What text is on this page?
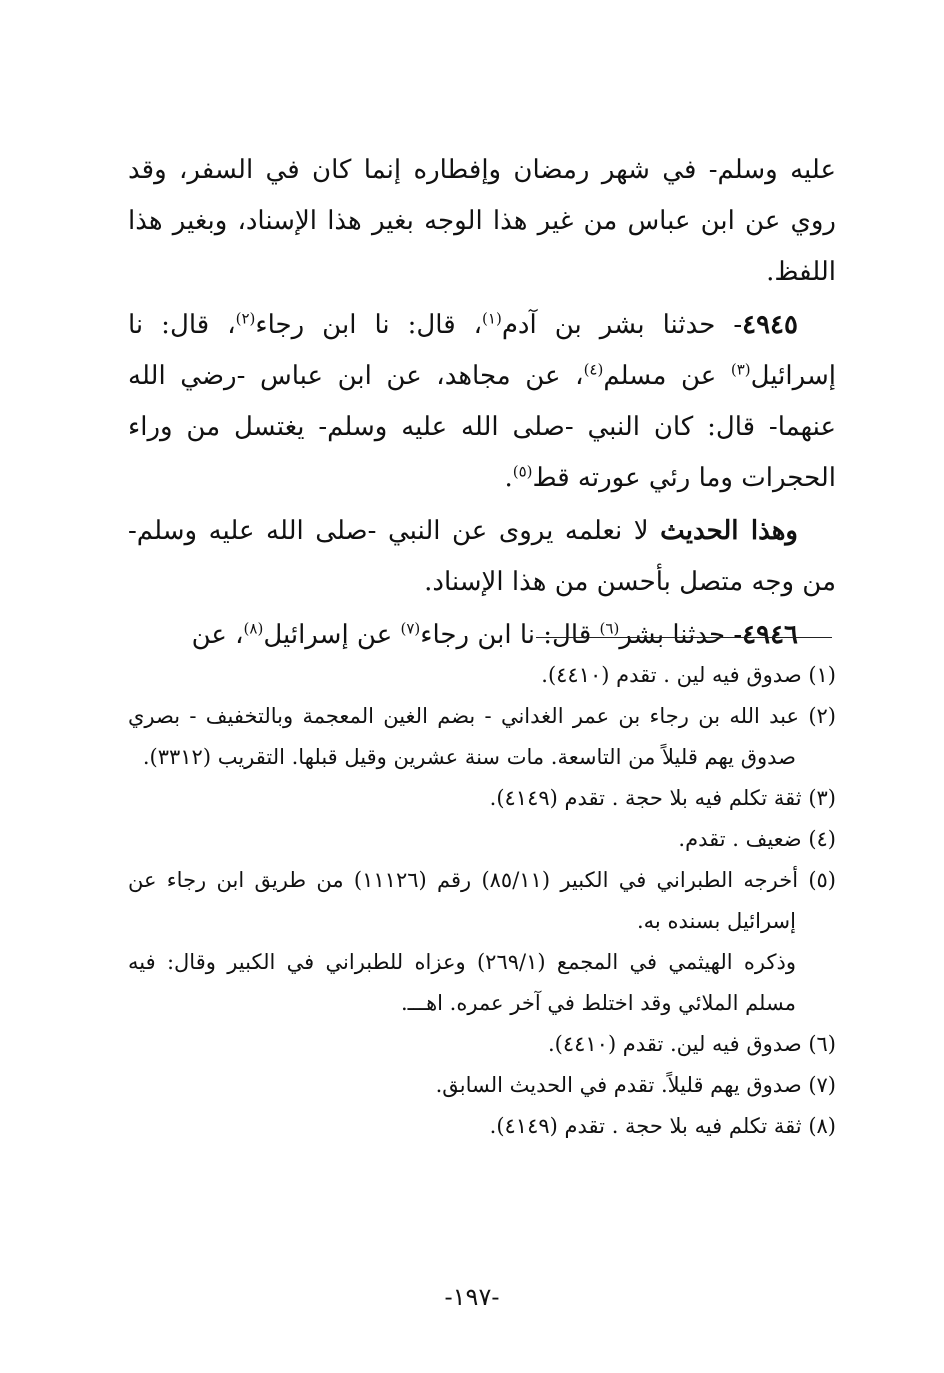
عليه وسلم- في شهر رمضان وإفطاره إنما كان في السفر، وقد روي عن ابن عباس من غير هذا الوجه بغير هذا الإسناد، وبغير هذا اللفظ.

٤٩٤٥- حدثنا بشر بن آدم$^{(١)}$، قال: نا ابن رجاء$^{(٢)}$، قال: نا إسرائيل$^{(٣)}$ عن مسلم$^{(٤)}$، عن مجاهد، عن ابن عباس -رضي الله عنهما- قال: كان النبي -صلى الله عليه وسلم- يغتسل من وراء الحجرات وما رئي عورته قط$^{(٥)}$.

وهذا الحديث لا نعلمه يروى عن النبي -صلى الله عليه وسلم- من وجه متصل بأحسن من هذا الإسناد.

٤٩٤٦- حدثنا بشر$^{(٦)}$ قال: نا ابن رجاء$^{(٧)}$ عن إسرائيل$^{(٨)}$، عن

(١) صدوق فيه لين . تقدم (٤٤١٠).

(٢) عبد الله بن رجاء بن عمر الغداني - بضم الغين المعجمة وبالتخفيف - بصري صدوق يهم قليلاً من التاسعة. مات سنة عشرين وقيل قبلها. التقريب (٣٣١٢).

(٣) ثقة تكلم فيه بلا حجة . تقدم (٤١٤٩).

(٤) ضعيف . تقدم.

(٥) أخرجه الطبراني في الكبير (٨٥/١١) رقم (١١١٢٦) من طريق ابن رجاء عن إسرائيل بسنده به.

وذكره الهيثمي في المجمع (٢٦٩/١) وعزاه للطبراني في الكبير وقال: فيه مسلم الملائي وقد اختلط في آخر عمره. اهـــ.

(٦) صدوق فيه لين. تقدم (٤٤١٠).

(٧) صدوق يهم قليلاً. تقدم في الحديث السابق.

(٨) ثقة تكلم فيه بلا حجة . تقدم (٤١٤٩).

-١٩٧-
